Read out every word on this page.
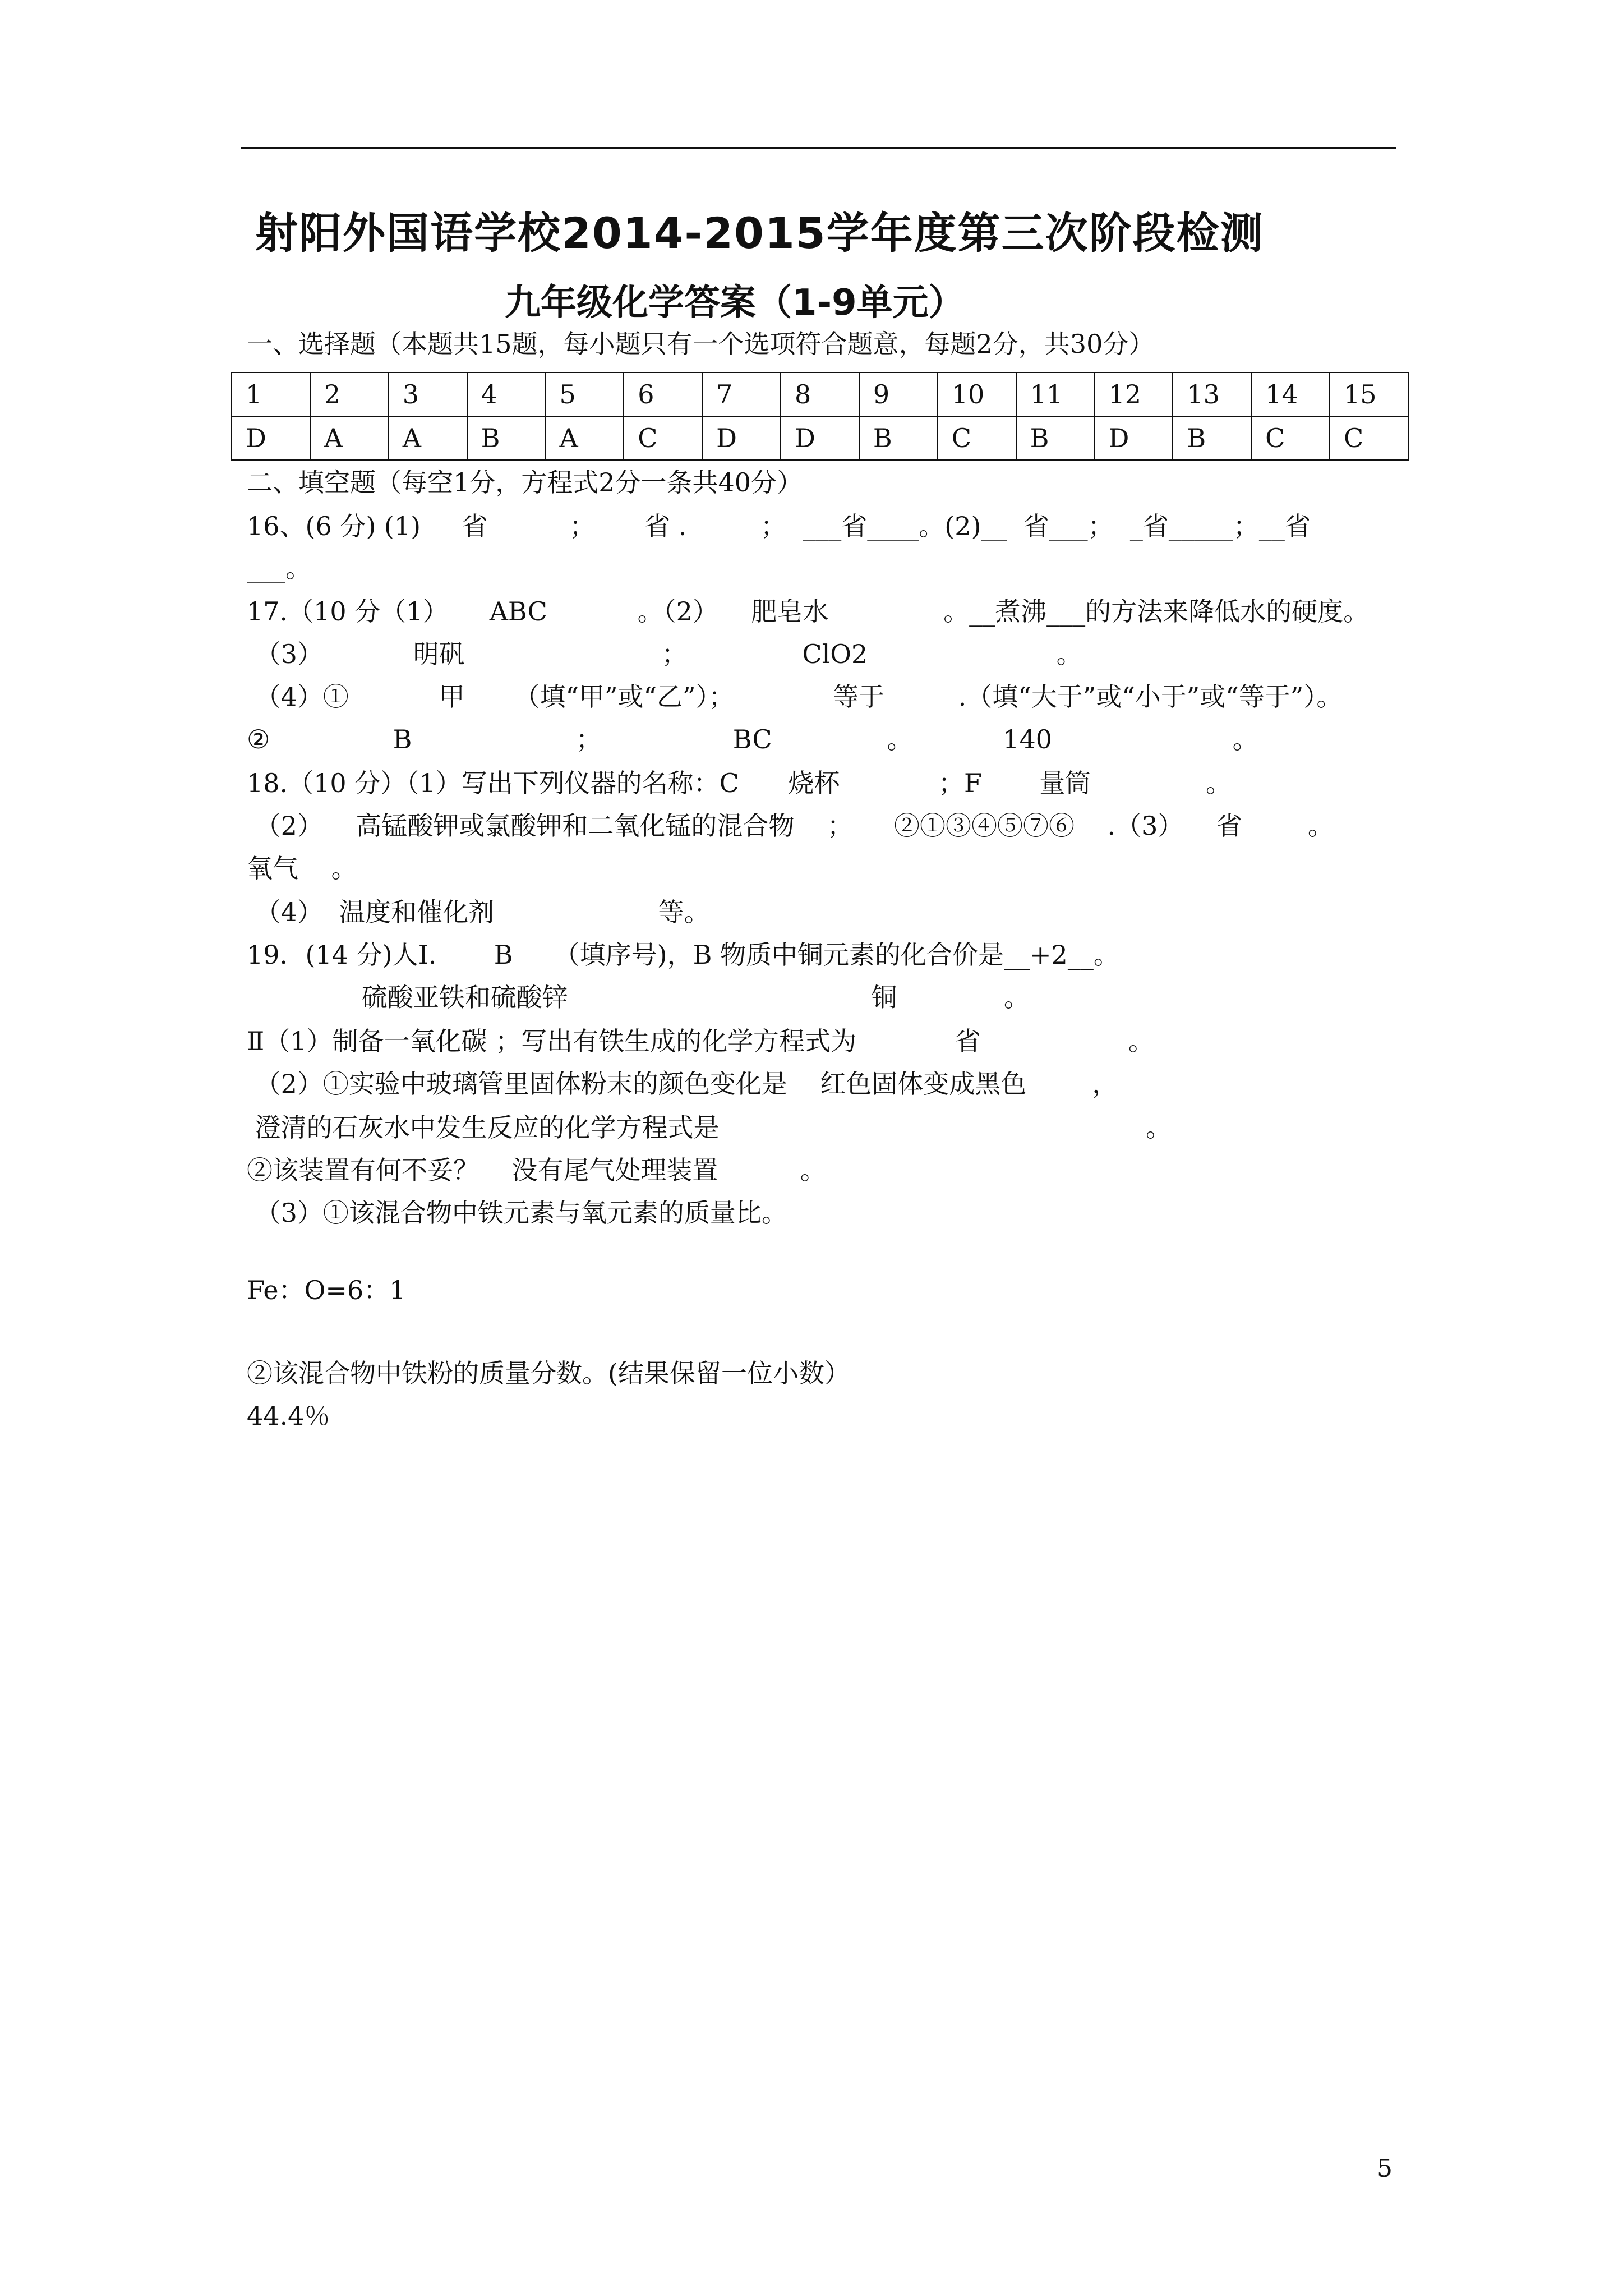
射阳外国语学校2014-2015学年度第三次阶段检测
九年级化学答案（1-9单元）
一、选择题（本题共15题，每小题只有一个选项符合题意，每题2分，共30分）
1	2	3	4	5	6	7	8	9	10	11	12	13	14	15
D	A	A	B	A	C	D	D	B	C	B	D	B	C	C
二、填空题（每空1分，方程式2分一条共40分）
16、(6 分) (1)     省          ；      省 .         ；  ___省____。(2)__  省___；  _省_____；__省
___。
17.（10 分（1）     ABC           。（2）    肥皂水              。__煮沸___的方法来降低水的硬度。
（3）           明矾                        ；              ClO2                       。
（4）①           甲      （填“甲”或“乙”）；            等于         .（填“大于”或“小于”或“等于”）。
②               B                    ；                BC              。           140                      。
18.（10 分）（1）写出下列仪器的名称：C      烧杯            ；F       量筒              。
（2）    高锰酸钾或氯酸钾和二氧化锰的混合物    ；     ②①③④⑤⑦⑥    .（3）    省        。
氧气    。
（4）  温度和催化剂                    等。
19．(14 分)人Ⅰ.       B     （填序号)，B 物质中铜元素的化合价是__+2__。
硫酸亚铁和硫酸锌                                     铜             。
Ⅱ（1）制备一氧化碳 ；写出有铁生成的化学方程式为            省                  。
（2）①实验中玻璃管里固体粉末的颜色变化是    红色固体变成黑色        ，
澄清的石灰水中发生反应的化学方程式是                                                    。
②该装置有何不妥？    没有尾气处理装置          。
（3）①该混合物中铁元素与氧元素的质量比。
Fe：O=6：1
②该混合物中铁粉的质量分数。(结果保留一位小数）
44.4％
5
